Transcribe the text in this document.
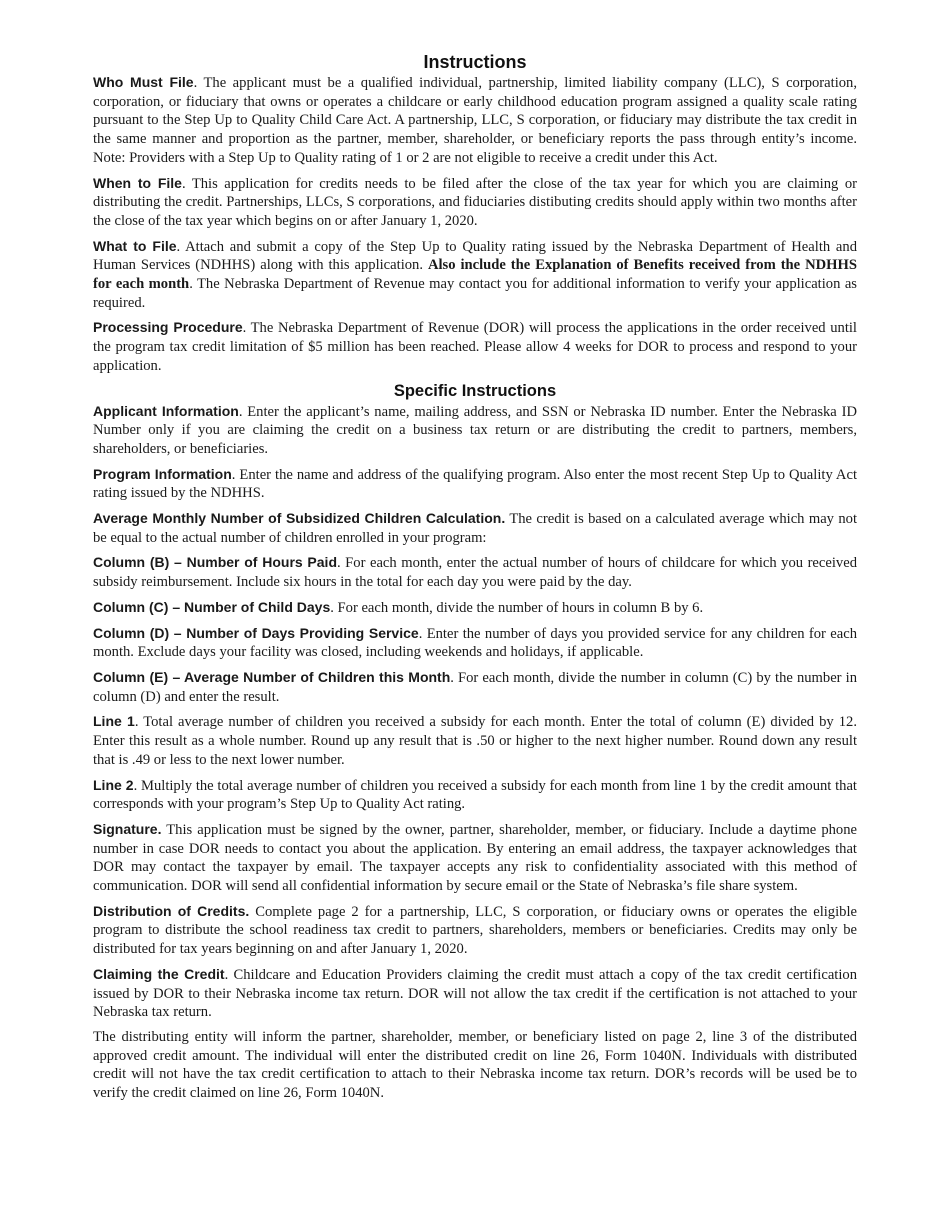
Instructions

Who Must File. The applicant must be a qualified individual, partnership, limited liability company (LLC), S corporation, corporation, or fiduciary that owns or operates a childcare or early childhood education program assigned a quality scale rating pursuant to the Step Up to Quality Child Care Act. A partnership, LLC, S corporation, or fiduciary may distribute the tax credit in the same manner and proportion as the partner, member, shareholder, or beneficiary reports the pass through entity’s income. Note: Providers with a Step Up to Quality rating of 1 or 2 are not eligible to receive a credit under this Act.

When to File. This application for credits needs to be filed after the close of the tax year for which you are claiming or distributing the credit. Partnerships, LLCs, S corporations, and fiduciaries distibuting credits should apply within two months after the close of the tax year which begins on or after January 1, 2020.

What to File. Attach and submit a copy of the Step Up to Quality rating issued by the Nebraska Department of Health and Human Services (NDHHS) along with this application. Also include the Explanation of Benefits received from the NDHHS for each month. The Nebraska Department of Revenue may contact you for additional information to verify your application as required.

Processing Procedure. The Nebraska Department of Revenue (DOR) will process the applications in the order received until the program tax credit limitation of $5 million has been reached. Please allow 4 weeks for DOR to process and respond to your application.

Specific Instructions

Applicant Information. Enter the applicant’s name, mailing address, and SSN or Nebraska ID number. Enter the Nebraska ID Number only if you are claiming the credit on a business tax return or are distributing the credit to partners, members, shareholders, or beneficiaries.

Program Information. Enter the name and address of the qualifying program. Also enter the most recent Step Up to Quality Act rating issued by the NDHHS.

Average Monthly Number of Subsidized Children Calculation. The credit is based on a calculated average which may not be equal to the actual number of children enrolled in your program:

Column (B) – Number of Hours Paid. For each month, enter the actual number of hours of childcare for which you received subsidy reimbursement. Include six hours in the total for each day you were paid by the day.

Column (C) – Number of Child Days. For each month, divide the number of hours in column B by 6.

Column (D) – Number of Days Providing Service. Enter the number of days you provided service for any children for each month. Exclude days your facility was closed, including weekends and holidays, if applicable.

Column (E) – Average Number of Children this Month. For each month, divide the number in column (C) by the number in column (D) and enter the result.

Line 1. Total average number of children you received a subsidy for each month. Enter the total of column (E) divided by 12. Enter this result as a whole number. Round up any result that is .50 or higher to the next higher number. Round down any result that is .49 or less to the next lower number.

Line 2. Multiply the total average number of children you received a subsidy for each month from line 1 by the credit amount that corresponds with your program’s Step Up to Quality Act rating.

Signature. This application must be signed by the owner, partner, shareholder, member, or fiduciary. Include a daytime phone number in case DOR needs to contact you about the application. By entering an email address, the taxpayer acknowledges that DOR may contact the taxpayer by email. The taxpayer accepts any risk to confidentiality associated with this method of communication. DOR will send all confidential information by secure email or the State of Nebraska’s file share system.

Distribution of Credits. Complete page 2 for a partnership, LLC, S corporation, or fiduciary owns or operates the eligible program to distribute the school readiness tax credit to partners, shareholders, members or beneficiaries. Credits may only be distributed for tax years beginning on and after January 1, 2020.

Claiming the Credit. Childcare and Education Providers claiming the credit must attach a copy of the tax credit certification issued by DOR to their Nebraska income tax return. DOR will not allow the tax credit if the certification is not attached to your Nebraska tax return.

The distributing entity will inform the partner, shareholder, member, or beneficiary listed on page 2, line 3 of the distributed approved credit amount. The individual will enter the distributed credit on line 26, Form 1040N. Individuals with distributed credit will not have the tax credit certification to attach to their Nebraska income tax return. DOR’s records will be used be to verify the credit claimed on line 26, Form 1040N.
